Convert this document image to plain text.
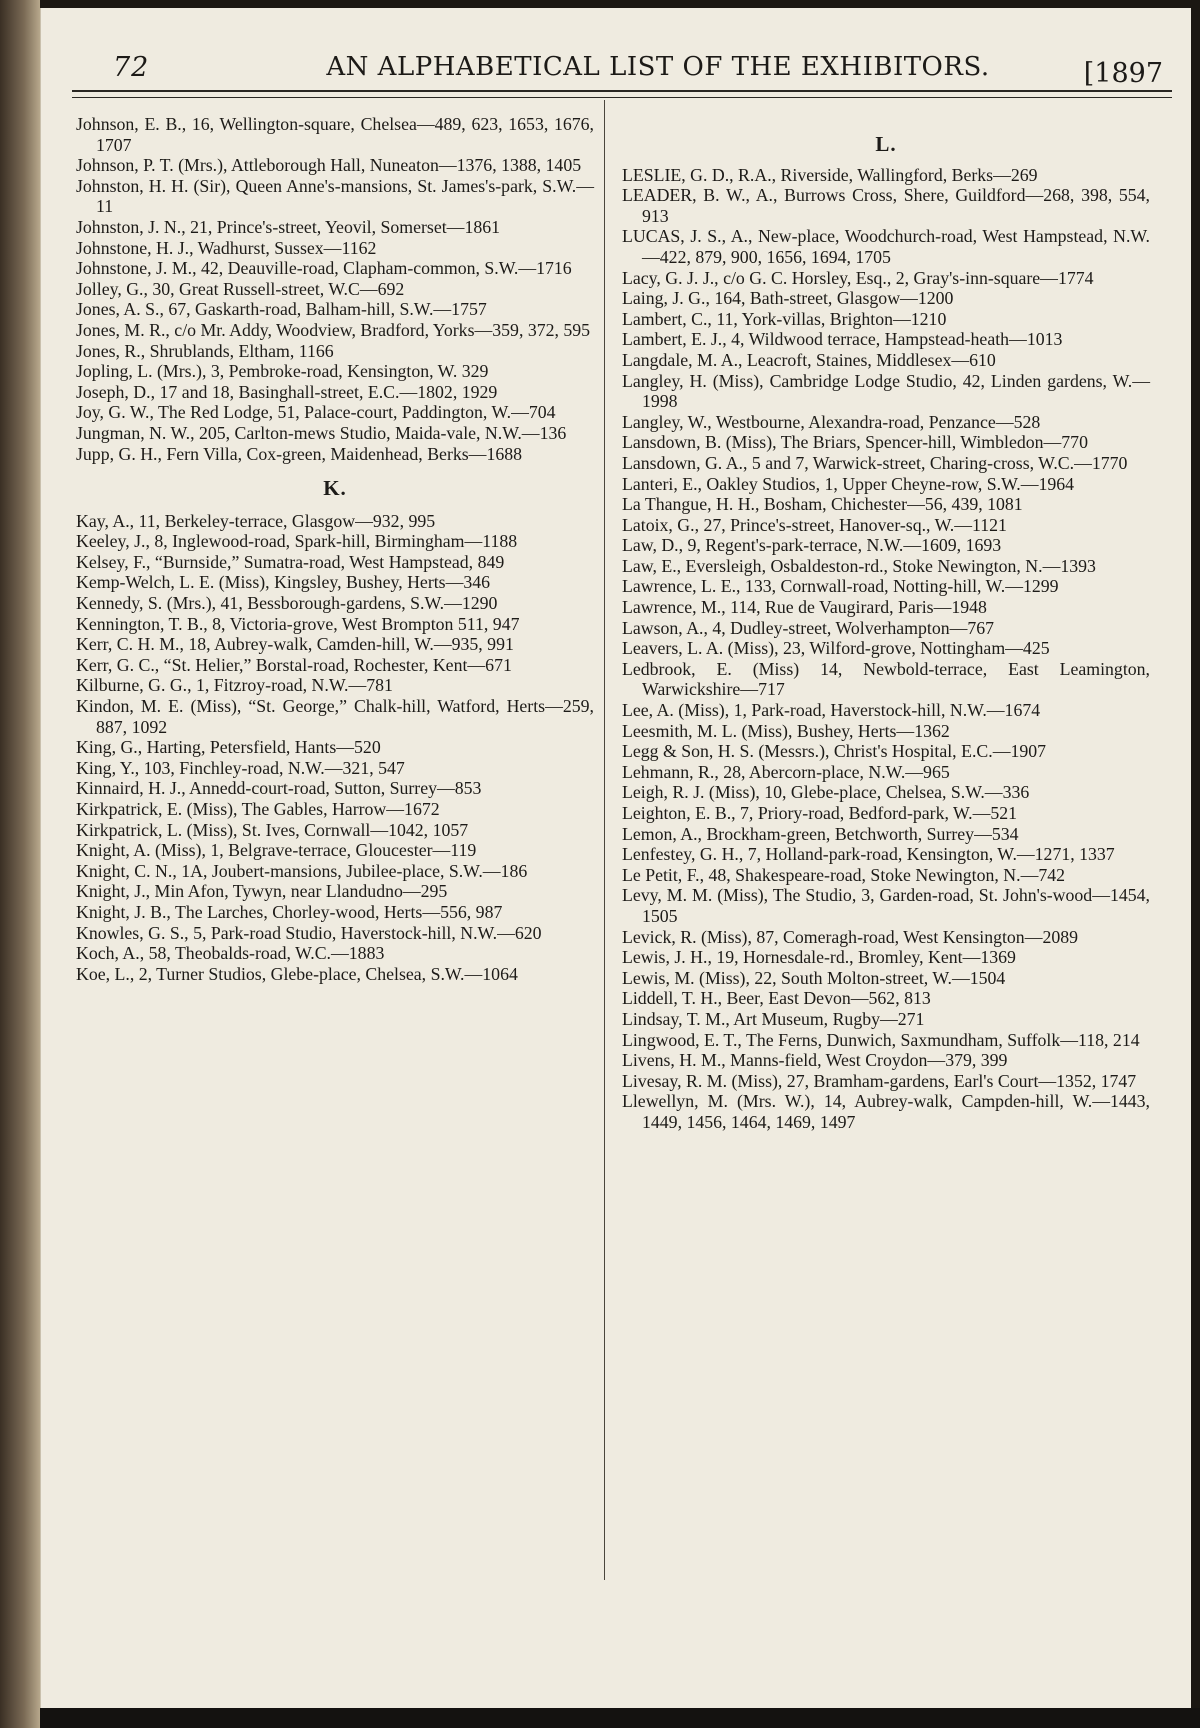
72	AN ALPHABETICAL LIST OF THE EXHIBITORS.	[1897
Johnson, E. B., 16, Wellington-square, Chelsea—489, 623, 1653, 1676, 1707
Johnson, P. T. (Mrs.), Attleborough Hall, Nuneaton—1376, 1388, 1405
Johnston, H. H. (Sir), Queen Anne's-mansions, St. James's-park, S.W.—11
Johnston, J. N., 21, Prince's-street, Yeovil, Somerset—1861
Johnstone, H. J., Wadhurst, Sussex—1162
Johnstone, J. M., 42, Deauville-road, Clapham-common, S.W.—1716
Jolley, G., 30, Great Russell-street, W.C—692
Jones, A. S., 67, Gaskarth-road, Balham-hill, S.W.—1757
Jones, M. R., c/o Mr. Addy, Woodview, Bradford, Yorks—359, 372, 595
Jones, R., Shrublands, Eltham, 1166
Jopling, L. (Mrs.), 3, Pembroke-road, Kensington, W. 329
Joseph, D., 17 and 18, Basinghall-street, E.C.—1802, 1929
Joy, G. W., The Red Lodge, 51, Palace-court, Paddington, W.—704
Jungman, N. W., 205, Carlton-mews Studio, Maida-vale, N.W.—136
Jupp, G. H., Fern Villa, Cox-green, Maidenhead, Berks—1688
K.
Kay, A., 11, Berkeley-terrace, Glasgow—932, 995
Keeley, J., 8, Inglewood-road, Spark-hill, Birmingham—1188
Kelsey, F., “Burnside,” Sumatra-road, West Hampstead, 849
Kemp-Welch, L. E. (Miss), Kingsley, Bushey, Herts—346
Kennedy, S. (Mrs.), 41, Bessborough-gardens, S.W.—1290
Kennington, T. B., 8, Victoria-grove, West Brompton 511, 947
Kerr, C. H. M., 18, Aubrey-walk, Camden-hill, W.—935, 991
Kerr, G. C., “St. Helier,” Borstal-road, Rochester, Kent—671
Kilburne, G. G., 1, Fitzroy-road, N.W.—781
Kindon, M. E. (Miss), “St. George,” Chalk-hill, Watford, Herts—259, 887, 1092
King, G., Harting, Petersfield, Hants—520
King, Y., 103, Finchley-road, N.W.—321, 547
Kinnaird, H. J., Annedd-court-road, Sutton, Surrey—853
Kirkpatrick, E. (Miss), The Gables, Harrow—1672
Kirkpatrick, L. (Miss), St. Ives, Cornwall—1042, 1057
Knight, A. (Miss), 1, Belgrave-terrace, Gloucester—119
Knight, C. N., 1A, Joubert-mansions, Jubilee-place, S.W.—186
Knight, J., Min Afon, Tywyn, near Llandudno—295
Knight, J. B., The Larches, Chorley-wood, Herts—556, 987
Knowles, G. S., 5, Park-road Studio, Haverstock-hill, N.W.—620
Koch, A., 58, Theobalds-road, W.C.—1883
Koe, L., 2, Turner Studios, Glebe-place, Chelsea, S.W.—1064
L.
LESLIE, G. D., R.A., Riverside, Wallingford, Berks—269
LEADER, B. W., A., Burrows Cross, Shere, Guildford—268, 398, 554, 913
LUCAS, J. S., A., New-place, Woodchurch-road, West Hampstead, N.W.—422, 879, 900, 1656, 1694, 1705
Lacy, G. J. J., c/o G. C. Horsley, Esq., 2, Gray's-inn-square—1774
Laing, J. G., 164, Bath-street, Glasgow—1200
Lambert, C., 11, York-villas, Brighton—1210
Lambert, E. J., 4, Wildwood terrace, Hampstead-heath—1013
Langdale, M. A., Leacroft, Staines, Middlesex—610
Langley, H. (Miss), Cambridge Lodge Studio, 42, Linden gardens, W.—1998
Langley, W., Westbourne, Alexandra-road, Penzance—528
Lansdown, B. (Miss), The Briars, Spencer-hill, Wimbledon—770
Lansdown, G. A., 5 and 7, Warwick-street, Charing-cross, W.C.—1770
Lanteri, E., Oakley Studios, 1, Upper Cheyne-row, S.W.—1964
La Thangue, H. H., Bosham, Chichester—56, 439, 1081
Latoix, G., 27, Prince's-street, Hanover-sq., W.—1121
Law, D., 9, Regent's-park-terrace, N.W.—1609, 1693
Law, E., Eversleigh, Osbaldeston-rd., Stoke Newington, N.—1393
Lawrence, L. E., 133, Cornwall-road, Notting-hill, W.—1299
Lawrence, M., 114, Rue de Vaugirard, Paris—1948
Lawson, A., 4, Dudley-street, Wolverhampton—767
Leavers, L. A. (Miss), 23, Wilford-grove, Nottingham—425
Ledbrook, E. (Miss) 14, Newbold-terrace, East Leamington, Warwickshire—717
Lee, A. (Miss), 1, Park-road, Haverstock-hill, N.W.—1674
Leesmith, M. L. (Miss), Bushey, Herts—1362
Legg & Son, H. S. (Messrs.), Christ's Hospital, E.C.—1907
Lehmann, R., 28, Abercorn-place, N.W.—965
Leigh, R. J. (Miss), 10, Glebe-place, Chelsea, S.W.—336
Leighton, E. B., 7, Priory-road, Bedford-park, W.—521
Lemon, A., Brockham-green, Betchworth, Surrey—534
Lenfestey, G. H., 7, Holland-park-road, Kensington, W.—1271, 1337
Le Petit, F., 48, Shakespeare-road, Stoke Newington, N.—742
Levy, M. M. (Miss), The Studio, 3, Garden-road, St. John's-wood—1454, 1505
Levick, R. (Miss), 87, Comeragh-road, West Kensington—2089
Lewis, J. H., 19, Hornesdale-rd., Bromley, Kent—1369
Lewis, M. (Miss), 22, South Molton-street, W.—1504
Liddell, T. H., Beer, East Devon—562, 813
Lindsay, T. M., Art Museum, Rugby—271
Lingwood, E. T., The Ferns, Dunwich, Saxmundham, Suffolk—118, 214
Livens, H. M., Manns-field, West Croydon—379, 399
Livesay, R. M. (Miss), 27, Bramham-gardens, Earl's Court—1352, 1747
Llewellyn, M. (Mrs. W.), 14, Aubrey-walk, Campden-hill, W.—1443, 1449, 1456, 1464, 1469, 1497
